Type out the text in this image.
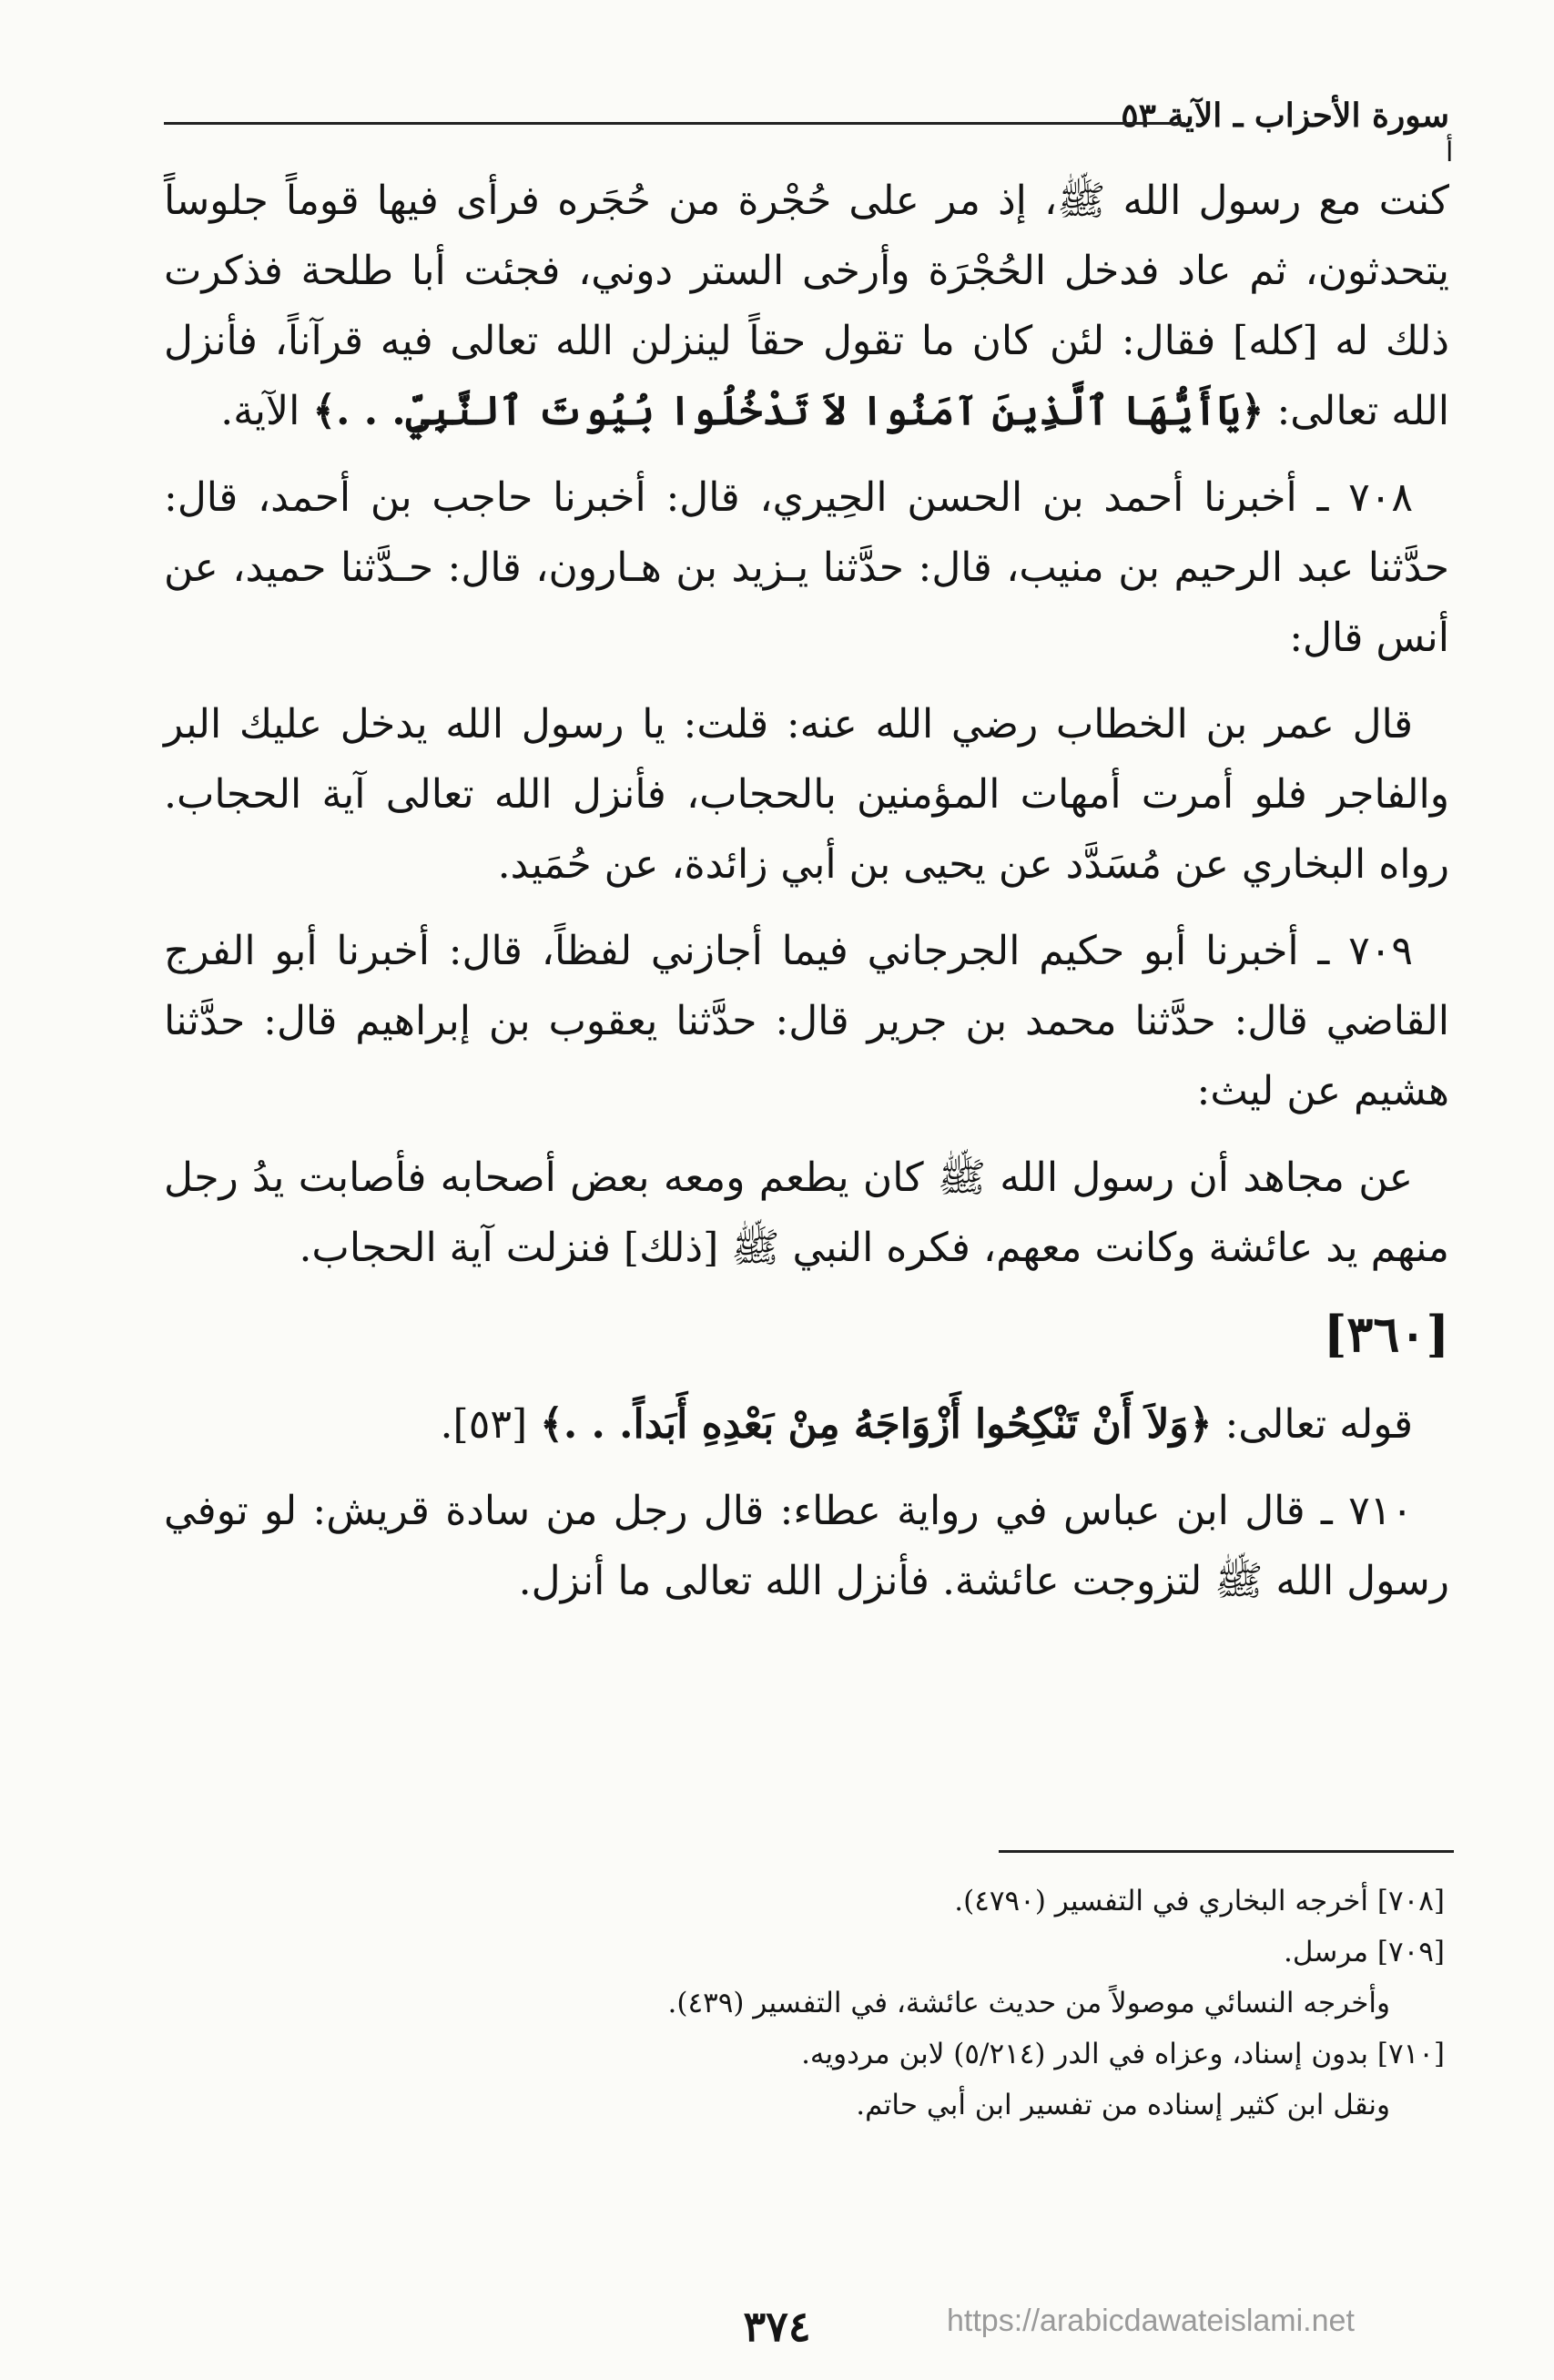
سورة الأحزاب ـ الآية ٥٣
أ

كنت مع رسول الله ﷺ، إذ مر على حُجْرة من حُجَره فرأى فيها قوماً جلوساً يتحدثون، ثم عاد فدخل الحُجْرَة وأرخى الستر دوني، فجئت أبا طلحة فذكرت ذلك له [كله] فقال: لئن كان ما تقول حقاً لينزلن الله تعالى فيه قرآناً، فأنزل الله تعالى: ﴿يَاأَيُّهَا ٱلَّذِينَ آمَنُوا لاَ تَدْخُلُوا بُيُوتَ ٱلنَّبِيِّ. . .﴾ الآية.

٧٠٨ ـ أخبرنا أحمد بن الحسن الحِيري، قال: أخبرنا حاجب بن أحمد، قال: حدَّثنا عبد الرحيم بن منيب، قال: حدَّثنا يـزيد بن هـارون، قال: حـدَّثنا حميد، عن أنس قال:

قال عمر بن الخطاب رضي الله عنه: قلت: يا رسول الله يدخل عليك البر والفاجر فلو أمرت أمهات المؤمنين بالحجاب، فأنزل الله تعالى آية الحجاب. رواه البخاري عن مُسَدَّد عن يحيى بن أبي زائدة، عن حُمَيد.

٧٠٩ ـ أخبرنا أبو حكيم الجرجاني فيما أجازني لفظاً، قال: أخبرنا أبو الفرج القاضي قال: حدَّثنا محمد بن جرير قال: حدَّثنا يعقوب بن إبراهيم قال: حدَّثنا هشيم عن ليث:

عن مجاهد أن رسول الله ﷺ كان يطعم ومعه بعض أصحابه فأصابت يدُ رجل منهم يد عائشة وكانت معهم، فكره النبي ﷺ [ذلك] فنزلت آية الحجاب.

[٣٦٠]

قوله تعالى: ﴿وَلاَ أَنْ تَنْكِحُوا أَزْوَاجَهُ مِنْ بَعْدِهِ أَبَداً. . .﴾ [٥٣].

٧١٠ ـ قال ابن عباس في رواية عطاء: قال رجل من سادة قريش: لو توفي رسول الله ﷺ لتزوجت عائشة. فأنزل الله تعالى ما أنزل.

[٧٠٨] أخرجه البخاري في التفسير (٤٧٩٠).

[٧٠٩] مرسل.

وأخرجه النسائي موصولاً من حديث عائشة، في التفسير (٤٣٩).

[٧١٠] بدون إسناد، وعزاه في الدر (٥/٢١٤) لابن مردويه.

ونقل ابن كثير إسناده من تفسير ابن أبي حاتم.

٣٧٤	https://arabicdawateislami.net
